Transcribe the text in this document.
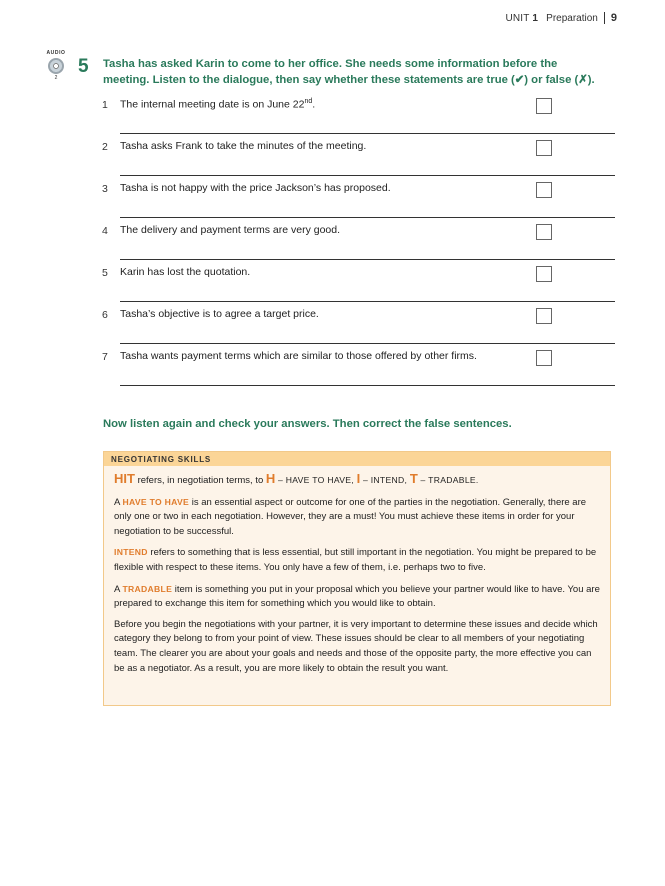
UNIT 1 Preparation 9
AUDIO
2
5 Tasha has asked Karin to come to her office. She needs some information before the meeting. Listen to the dialogue, then say whether these statements are true (✔) or false (✗).
1 The internal meeting date is on June 22nd.
2 Tasha asks Frank to take the minutes of the meeting.
3 Tasha is not happy with the price Jackson’s has proposed.
4 The delivery and payment terms are very good.
5 Karin has lost the quotation.
6 Tasha’s objective is to agree a target price.
7 Tasha wants payment terms which are similar to those offered by other firms.
Now listen again and check your answers. Then correct the false sentences.
NEGOTIATING SKILLS

HIT refers, in negotiation terms, to H – HAVE TO HAVE, I – INTEND, T – TRADABLE.

A HAVE TO HAVE is an essential aspect or outcome for one of the parties in the negotiation. Generally, there are only one or two in each negotiation. However, they are a must! You must achieve these items in order for your negotiation to be successful.

INTEND refers to something that is less essential, but still important in the negotiation. You might be prepared to be flexible with respect to these items. You only have a few of them, i.e. perhaps two to five.

A TRADABLE item is something you put in your proposal which you believe your partner would like to have. You are prepared to exchange this item for something which you would like to obtain.

Before you begin the negotiations with your partner, it is very important to determine these issues and decide which category they belong to from your point of view. These issues should be clear to all members of your negotiating team. The clearer you are about your goals and needs and those of the opposite party, the more effective you can be as a negotiator. As a result, you are more likely to obtain the result you want.
